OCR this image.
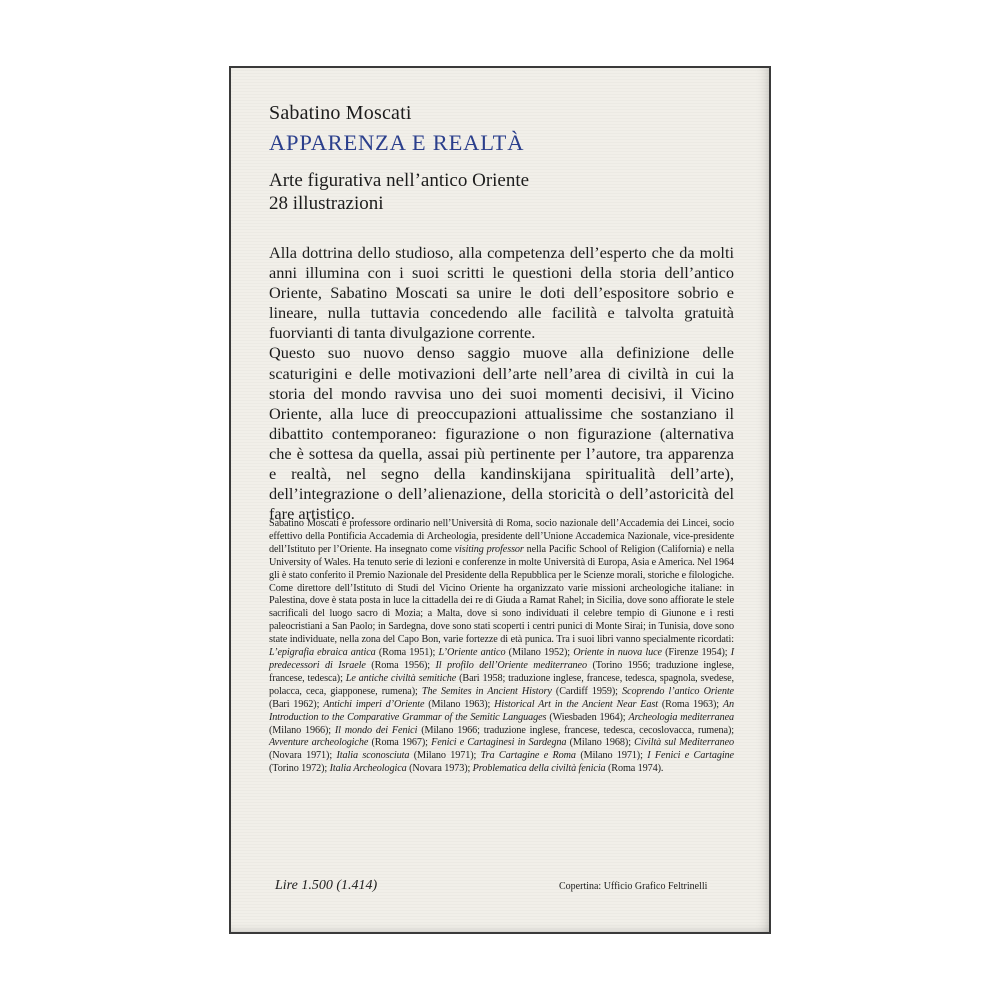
Sabatino Moscati
APPARENZA E REALTÀ
Arte figurativa nell’antico Oriente
28 illustrazioni

Alla dottrina dello studioso, alla competenza dell’esperto che da molti anni illumina con i suoi scritti le questioni della storia dell’antico Oriente, Sabatino Moscati sa unire le doti dell’espositore sobrio e lineare, nulla tuttavia concedendo alle facilità e talvolta gratuità fuorvianti di tanta divulgazione corrente.

Questo suo nuovo denso saggio muove alla definizione delle scaturigini e delle motivazioni dell’arte nell’area di civiltà in cui la storia del mondo ravvisa uno dei suoi momenti decisivi, il Vicino Oriente, alla luce di preoccupazioni attualissime che sostanziano il dibattito contemporaneo: figurazione o non figurazione (alternativa che è sottesa da quella, assai più pertinente per l’autore, tra apparenza e realtà, nel segno della kandinskijana spiritualità dell’arte), dell’integrazione o dell’alienazione, della storicità o dell’astoricità del fare artistico.

Sabatino Moscati è professore ordinario nell’Università di Roma, socio nazionale dell’Accademia dei Lincei, socio effettivo della Pontificia Accademia di Archeologia, presidente dell’Unione Accademica Nazionale, vice-presidente dell’Istituto per l’Oriente. Ha insegnato come visiting professor nella Pacific School of Religion (California) e nella University of Wales. Ha tenuto serie di lezioni e conferenze in molte Università di Europa, Asia e America. Nel 1964 gli è stato conferito il Premio Nazionale del Presidente della Repubblica per le Scienze morali, storiche e filologiche. Come direttore dell’Istituto di Studi del Vicino Oriente ha organizzato varie missioni archeologiche italiane: in Palestina, dove è stata posta in luce la cittadella dei re di Giuda a Ramat Rahel; in Sicilia, dove sono affiorate le stele sacrificali del luogo sacro di Mozia; a Malta, dove si sono individuati il celebre tempio di Giunone e i resti paleocristiani a San Paolo; in Sardegna, dove sono stati scoperti i centri punici di Monte Sirai; in Tunisia, dove sono state individuate, nella zona del Capo Bon, varie fortezze di età punica. Tra i suoi libri vanno specialmente ricordati: L’epigrafia ebraica antica (Roma 1951); L’Oriente antico (Milano 1952); Oriente in nuova luce (Firenze 1954); I predecessori di Israele (Roma 1956); Il profilo dell’Oriente mediterraneo (Torino 1956; traduzione inglese, francese, tedesca); Le antiche civiltà semitiche (Bari 1958; traduzione inglese, francese, tedesca, spagnola, svedese, polacca, ceca, giapponese, rumena); The Semites in Ancient History (Cardiff 1959); Scoprendo l’antico Oriente (Bari 1962); Antichi imperi d’Oriente (Milano 1963); Historical Art in the Ancient Near East (Roma 1963); An Introduction to the Comparative Grammar of the Semitic Languages (Wiesbaden 1964); Archeologia mediterranea (Milano 1966); Il mondo dei Fenici (Milano 1966; traduzione inglese, francese, tedesca, cecoslovacca, rumena); Avventure archeologiche (Roma 1967); Fenici e Cartaginesi in Sardegna (Milano 1968); Civiltà sul Mediterraneo (Novara 1971); Italia sconosciuta (Milano 1971); Tra Cartagine e Roma (Milano 1971); I Fenici e Cartagine (Torino 1972); Italia Archeologica (Novara 1973); Problematica della civiltà fenicia (Roma 1974).
Lire 1.500 (1.414)	Copertina: Ufficio Grafico Feltrinelli
